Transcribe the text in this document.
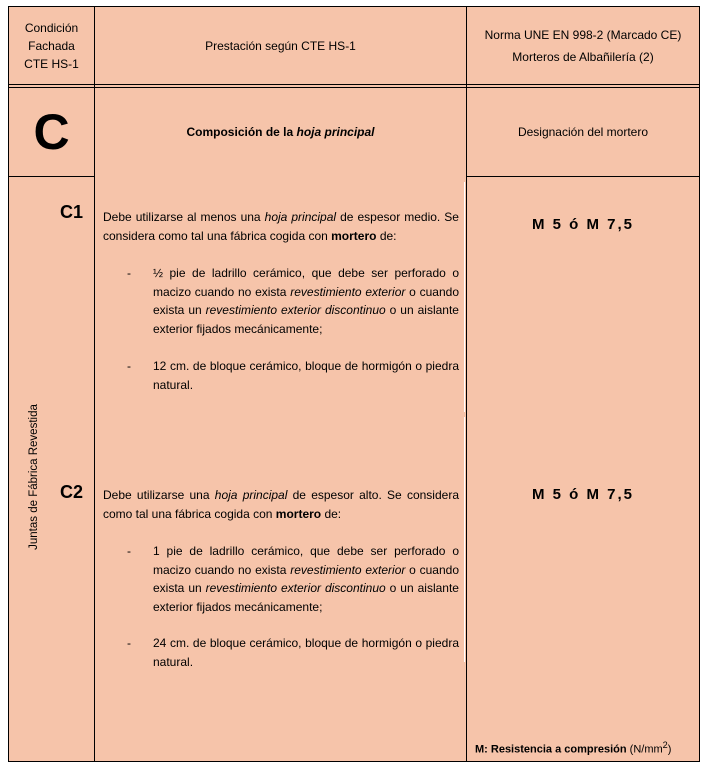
Condición
Fachada
CTE HS-1
Prestación según CTE HS-1
Norma UNE EN 998-2 (Marcado CE)
Morteros de Albañilería (2)
C	Composición de la hoja principal	Designación del mortero
Juntas de Fábrica Revestida
C1 Debe utilizarse al menos una hoja principal de espesor medio. Se considera como tal una fábrica cogida con mortero de:
- ½ pie de ladrillo cerámico, que debe ser perforado o macizo cuando no exista revestimiento exterior o cuando exista un revestimiento exterior discontinuo o un aislante exterior fijados mecánicamente;
- 12 cm. de bloque cerámico, bloque de hormigón o piedra natural.
M 5 ó M 7,5
C2 Debe utilizarse una hoja principal de espesor alto. Se considera como tal una fábrica cogida con mortero de:
- 1 pie de ladrillo cerámico, que debe ser perforado o macizo cuando no exista revestimiento exterior o cuando exista un revestimiento exterior discontinuo o un aislante exterior fijados mecánicamente;
- 24 cm. de bloque cerámico, bloque de hormigón o piedra natural.
M 5 ó M 7,5
M: Resistencia a compresión $(N/mm^2)$
